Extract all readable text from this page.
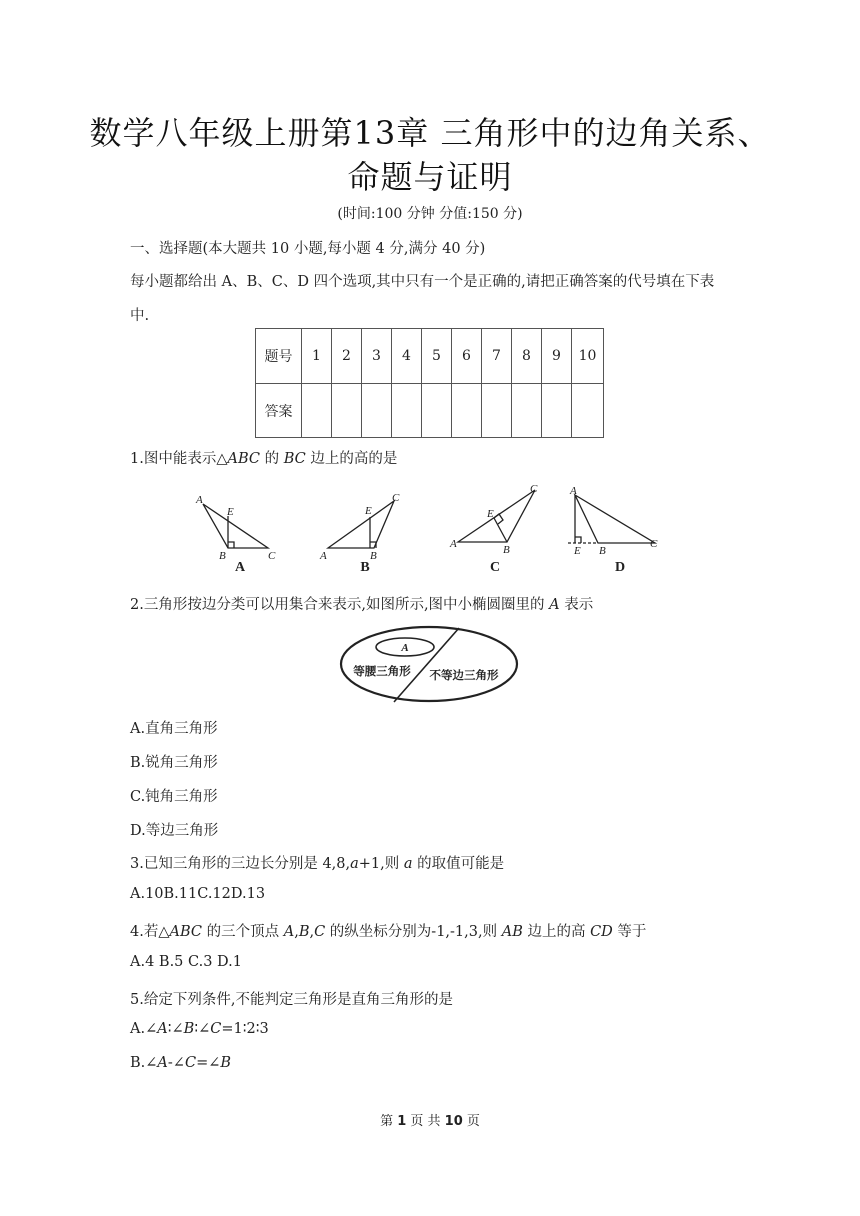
数学八年级上册第13章 三角形中的边角关系、
命题与证明
(时间:100 分钟 分值:150 分)
一、选择题(本大题共 10 小题,每小题 4 分,满分 40 分)
每小题都给出 A、B、C、D 四个选项,其中只有一个是正确的,请把正确答案的代号填在下表
中.
题号	1	2	3	4	5	6	7	8	9	10
答案										
1.图中能表示△ABC 的 BC 边上的高的是
A
E
B	C	A
E
B
C
A
E
B
C	A
E B
C
A	B	C	D
2.三角形按边分类可以用集合来表示,如图所示,图中小椭圆圈里的 A 表示
A
等腰三角形 不等边三角形
A.直角三角形
B.锐角三角形
C.钝角三角形
D.等边三角形
3.已知三角形的三边长分别是 4,8,a+1,则 a 的取值可能是
A.10B.11C.12D.13
4.若△ABC 的三个顶点 A,B,C 的纵坐标分别为-1,-1,3,则 AB 边上的高 CD 等于
A.4 B.5 C.3 D.1
5.给定下列条件,不能判定三角形是直角三角形的是
A.∠A∶∠B∶∠C=1∶2∶3
B.∠A-∠C=∠B
第 1 页 共 10 页
